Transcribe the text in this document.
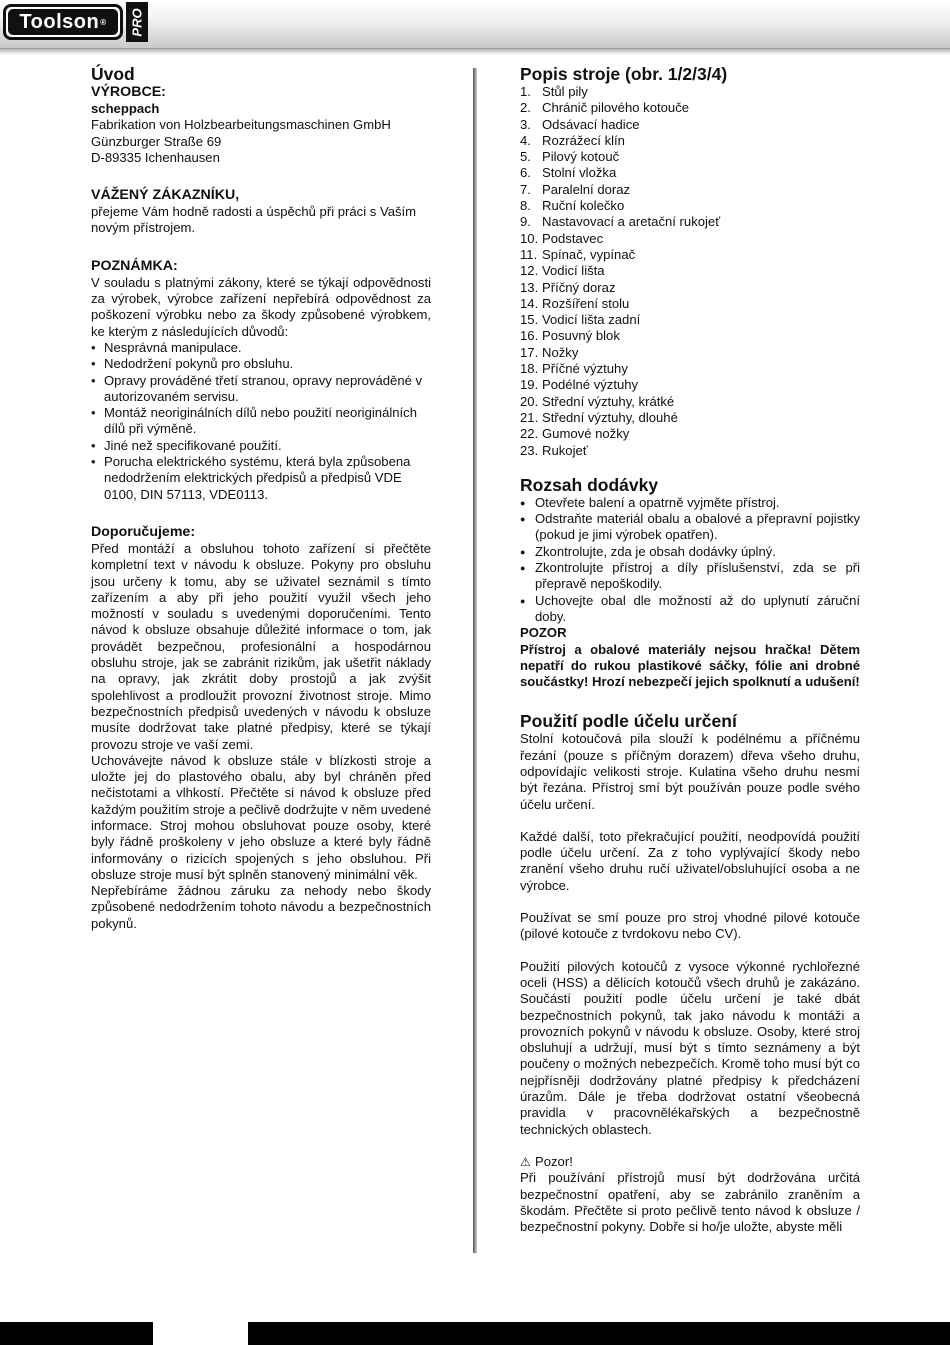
Toolson ® PRO
Úvod
VÝROBCE:

scheppach

Fabrikation von Holzbearbeitungsmaschinen GmbH

Günzburger Straße 69

D-89335 Ichenhausen

VÁŽENÝ ZÁKAZNÍKU,

přejeme Vám hodně radosti a úspěchů při práci s Vaším novým přístrojem.

POZNÁMKA:

V souladu s platnými zákony, které se týkají odpovědnosti za výrobek, výrobce zařízení nepřebírá odpovědnost za poškození výrobku nebo za škody způsobené výrobkem, ke kterým z následujících důvodů:

• Nesprávná manipulace.
• Nedodržení pokynů pro obsluhu.
• Opravy prováděné třetí stranou, opravy neprováděné v autorizovaném servisu.
• Montáž neoriginálních dílů nebo použití neoriginálních dílů při výměně.
• Jiné než specifikované použití.
• Porucha elektrického systému, která byla způsobena nedodržením elektrických předpisů a předpisů VDE 0100, DIN 57113, VDE0113.
Doporučujeme:

Před montáží a obsluhou tohoto zařízení si přečtěte kompletní text v návodu k obsluze. Pokyny pro obsluhu jsou určeny k tomu, aby se uživatel seznámil s tímto zařízením a aby při jeho použití využil všech jeho možností v souladu s uvedenými doporučeními. Tento návod k obsluze obsahuje důležité informace o tom, jak provádět bezpečnou, profesionální a hospodárnou obsluhu stroje, jak se zabránit rizikům, jak ušetřit náklady na opravy, jak zkrátit doby prostojů a jak zvýšit spolehlivost a prodloužit provozní životnost stroje. Mimo bezpečnostních předpisů uvedených v návodu k obsluze musíte dodržovat take platné předpisy, které se týkají provozu stroje ve vaší zemi.

Uchovávejte návod k obsluze stále v blízkosti stroje a uložte jej do plastového obalu, aby byl chráněn před nečistotami a vlhkostí. Přečtěte si návod k obsluze před každým použitím stroje a pečlivě dodržujte v něm uvedené informace. Stroj mohou obsluhovat pouze osoby, které byly řádně proškoleny v jeho obsluze a které byly řádně informovány o rizicích spojených s jeho obsluhou. Při obsluze stroje musí být splněn stanovený minimální věk.

Nepřebíráme žádnou záruku za nehody nebo škody způsobené nedodržením tohoto návodu a bezpečnostních pokynů.

Popis stroje (obr. 1/2/3/4)
1. Stůl pily
2. Chránič pilového kotouče
3. Odsávací hadice
4. Rozrážecí klín
5. Pilový kotouč
6. Stolní vložka
7. Paralelní doraz
8. Ruční kolečko
9. Nastavovací a aretační rukojeť
10. Podstavec
11. Spínač, vypínač
12. Vodicí lišta
13. Příčný doraz
14. Rozšíření stolu
15. Vodicí lišta zadní
16. Posuvný blok
17. Nožky
18. Příčné výztuhy
19. Podélné výztuhy
20. Střední výztuhy, krátké
21. Střední výztuhy, dlouhé
22. Gumové nožky
23. Rukojeť
Rozsah dodávky
● Otevřete balení a opatrně vyjměte přístroj.
● Odstraňte materiál obalu a obalové a přepravní pojistky (pokud je jimi výrobek opatřen).
● Zkontrolujte, zda je obsah dodávky úplný.
● Zkontrolujte přístroj a díly příslušenství, zda se při přepravě nepoškodily.
● Uchovejte obal dle možností až do uplynutí záruční doby.

POZOR

Přístroj a obalové materiály nejsou hračka! Dětem nepatří do rukou plastikové sáčky, fólie ani drobné součástky! Hrozí nebezpečí jejich spolknutí a udušení!

Použití podle účelu určení

Stolní kotoučová pila slouží k podélnému a příčnému řezání (pouze s příčným dorazem) dřeva všeho druhu, odpovídajíc velikosti stroje. Kulatina všeho druhu nesmí být řezána. Přístroj smí být používán pouze podle svého účelu určení.

Každé další, toto překračující použití, neodpovídá použití podle účelu určení. Za z toho vyplývající škody nebo zranění všeho druhu ručí uživatel/obsluhující osoba a ne výrobce.

Používat se smí pouze pro stroj vhodné pilové kotouče (pilové kotouče z tvrdokovu nebo CV).

Použití pilových kotoučů z vysoce výkonné rychlořezné oceli (HSS) a dělicích kotoučů všech druhů je zakázáno. Součástí použití podle účelu určení je také dbát bezpečnostních pokynů, tak jako návodu k montáži a provozních pokynů v návodu k obsluze. Osoby, které stroj obsluhují a udržují, musí být s tímto seznámeny a být poučeny o možných nebezpečích. Kromě toho musí být co nejpřísněji dodržovány platné předpisy k předcházení úrazům. Dále je třeba dodržovat ostatní všeobecná pravidla v pracovnělékařských a bezpečnostně technických oblastech.

⚠ Pozor!

Při používání přístrojů musí být dodržována určitá bezpečnostní opatření, aby se zabránilo zraněním a škodám. Přečtěte si proto pečlivě tento návod k obsluze / bezpečnostní pokyny. Dobře si ho/je uložte, abyste měli
